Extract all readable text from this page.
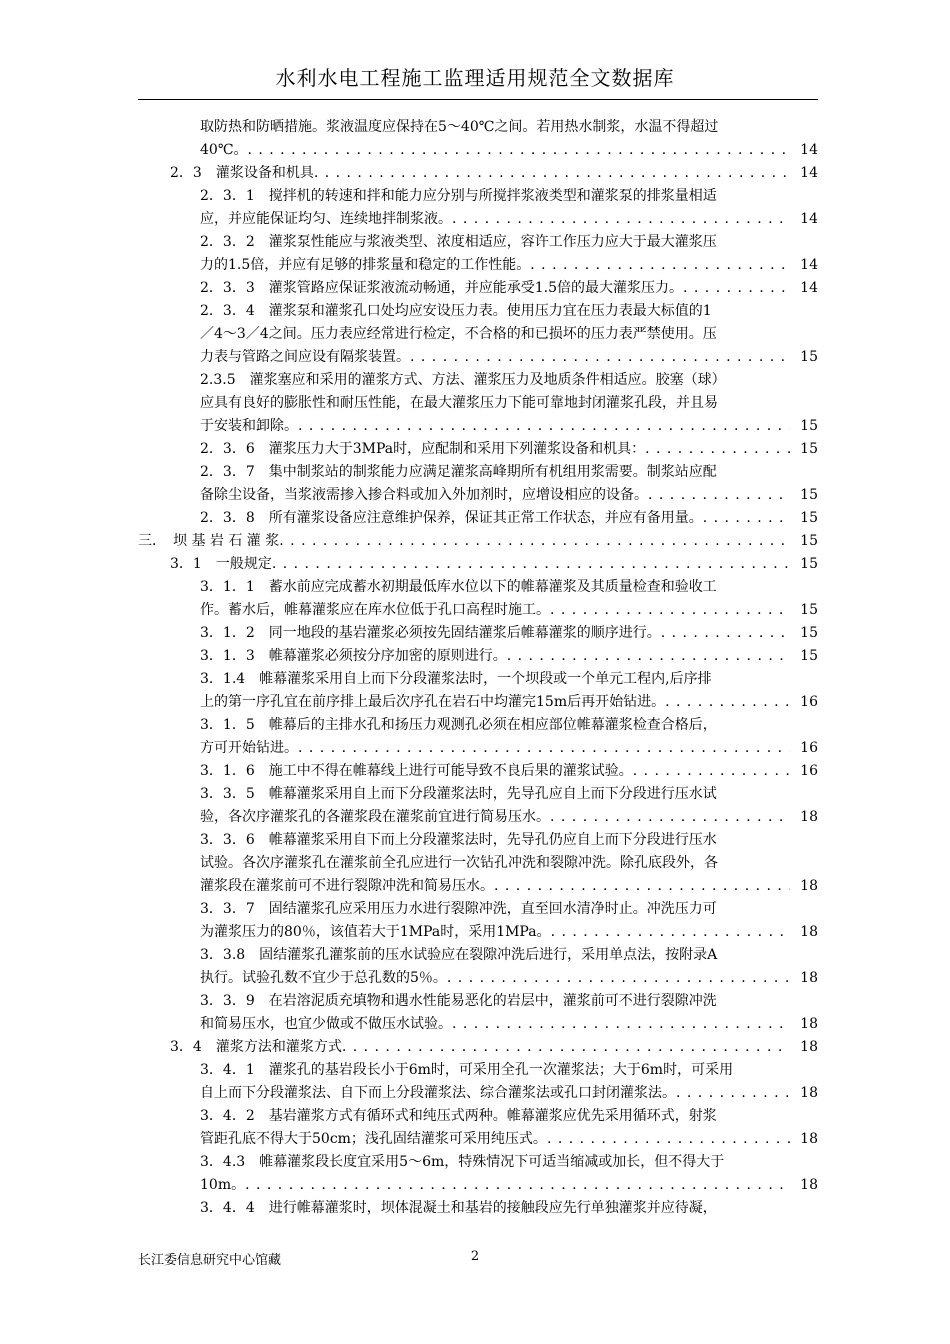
水利水电工程施工监理适用规范全文数据库
取防热和防晒措施。浆液温度应保持在5～40℃之间。若用热水制浆，水温不得超过
40℃。 . . .	14
2．3　灌浆设备和机具 . . .	14
2．3．1　搅拌机的转速和拌和能力应分别与所搅拌浆液类型和灌浆泵的排浆量相适
应，并应能保证均匀、连续地拌制浆液。 . . .	14
2．3．2　灌浆泵性能应与浆液类型、浓度相适应，容许工作压力应大于最大灌浆压
力的1.5倍，并应有足够的排浆量和稳定的工作性能。 . . .	14
2．3．3　灌浆管路应保证浆液流动畅通，并应能承受1.5倍的最大灌浆压力。 . . .	14
2．3．4　灌浆泵和灌浆孔口处均应安设压力表。使用压力宜在压力表最大标值的1
／4～3／4之间。压力表应经常进行检定，不合格的和已损坏的压力表严禁使用。压
力表与管路之间应设有隔浆装置。 . . .	15
2.3.5　灌浆塞应和采用的灌浆方式、方法、灌浆压力及地质条件相适应。胶塞（球）
应具有良好的膨胀性和耐压性能，在最大灌浆压力下能可靠地封闭灌浆孔段，并且易
于安装和卸除。 . . .	15
2．3．6　灌浆压力大于3MPa时，应配制和采用下列灌浆设备和机具： . . .	15
2．3．7　集中制浆站的制浆能力应满足灌浆高峰期所有机组用浆需要。制浆站应配
备除尘设备，当浆液需掺入掺合料或加入外加剂时，应增设相应的设备。 . . .	15
2．3．8　所有灌浆设备应注意维护保养，保证其正常工作状态，并应有备用量。 . . .	15
三．　坝 基 岩 石 灌 浆 . . .	15
3．1　一般规定 . . .	15
3．1．1　蓄水前应完成蓄水初期最低库水位以下的帷幕灌浆及其质量检查和验收工
作。蓄水后，帷幕灌浆应在库水位低于孔口高程时施工。 . . .	15
3．1．2　同一地段的基岩灌浆必须按先固结灌浆后帷幕灌浆的顺序进行。 . . .	15
3．1．3　帷幕灌浆必须按分序加密的原则进行。 . . .	15
3．1.4　帷幕灌浆采用自上而下分段灌浆法时，一个坝段或一个单元工程内,后序排
上的第一序孔宜在前序排上最后次序孔在岩石中均灌完15m后再开始钻进。 . . .	16
3．1．5　帷幕后的主排水孔和扬压力观测孔必须在相应部位帷幕灌浆检查合格后，
方可开始钻进。 . . .	16
3．1．6　施工中不得在帷幕线上进行可能导致不良后果的灌浆试验。 . . .	16
3．3．5　帷幕灌浆采用自上而下分段灌浆法时，先导孔应自上而下分段进行压水试
验，各次序灌浆孔的各灌浆段在灌浆前宜进行简易压水。 . . .	18
3．3．6　帷幕灌浆采用自下而上分段灌浆法时，先导孔仍应自上而下分段进行压水
试验。各次序灌浆孔在灌浆前全孔应进行一次钻孔冲洗和裂隙冲洗。除孔底段外，各
灌浆段在灌浆前可不进行裂隙冲洗和简易压水。 . . .	18
3．3．7　固结灌浆孔应采用压力水进行裂隙冲洗，直至回水清净时止。冲洗压力可
为灌浆压力的80％，该值若大于1MPa时，采用1MPa。 . . .	18
3．3.8　固结灌浆孔灌浆前的压水试验应在裂隙冲洗后进行，采用单点法，按附录A
执行。试验孔数不宜少于总孔数的5％。 . . .	18
3．3．9　在岩溶泥质充填物和遇水性能易恶化的岩层中，灌浆前可不进行裂隙冲洗
和简易压水，也宜少做或不做压水试验。 . . .	18
3．4　灌浆方法和灌浆方式 . . .	18
3．4．1　灌浆孔的基岩段长小于6m时，可采用全孔一次灌浆法；大于6m时，可采用
自上而下分段灌浆法、自下而上分段灌浆法、综合灌浆法或孔口封闭灌浆法。 . . .	18
3．4．2　基岩灌浆方式有循环式和纯压式两种。帷幕灌浆应优先采用循环式，射浆
管距孔底不得大于50cm；浅孔固结灌浆可采用纯压式。 . . .	18
3．4.3　帷幕灌浆段长度宜采用5～6m，特殊情况下可适当缩减或加长，但不得大于
10m。 . . .	18
3．4．4　进行帷幕灌浆时，坝体混凝土和基岩的接触段应先行单独灌浆并应待凝，
长江委信息研究中心馆藏	2
